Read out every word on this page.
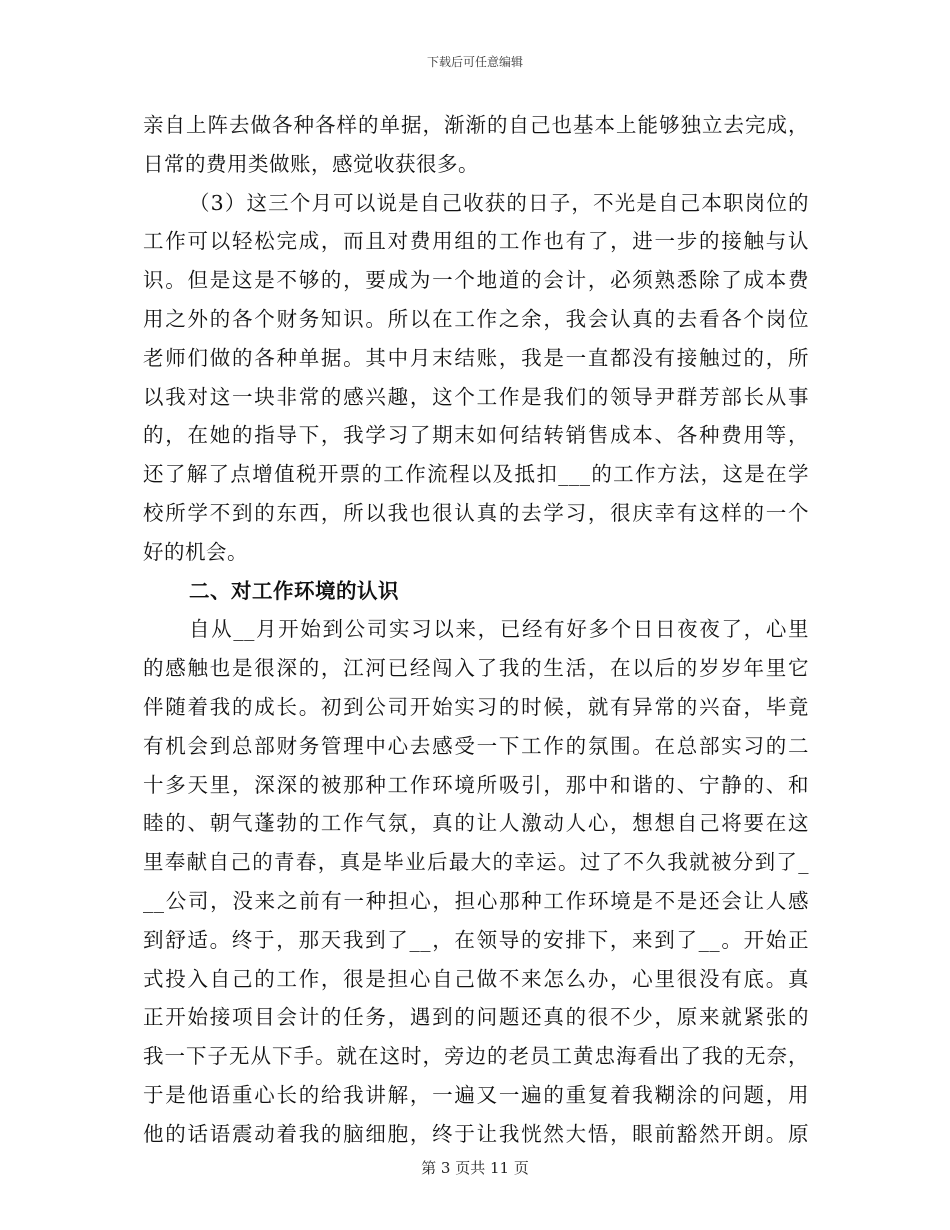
下载后可任意编辑
亲自上阵去做各种各样的单据，渐渐的自己也基本上能够独立去完成，
日常的费用类做账，感觉收获很多。
（3）这三个月可以说是自己收获的日子，不光是自己本职岗位的
工作可以轻松完成，而且对费用组的工作也有了，进一步的接触与认
识。但是这是不够的，要成为一个地道的会计，必须熟悉除了成本费
用之外的各个财务知识。所以在工作之余，我会认真的去看各个岗位
老师们做的各种单据。其中月末结账，我是一直都没有接触过的，所
以我对这一块非常的感兴趣，这个工作是我们的领导尹群芳部长从事
的，在她的指导下，我学习了期末如何结转销售成本、各种费用等，
还了解了点增值税开票的工作流程以及抵扣___的工作方法，这是在学
校所学不到的东西，所以我也很认真的去学习，很庆幸有这样的一个
好的机会。
二、对工作环境的认识
自从__月开始到公司实习以来，已经有好多个日日夜夜了，心里
的感触也是很深的，江河已经闯入了我的生活，在以后的岁岁年里它
伴随着我的成长。初到公司开始实习的时候，就有异常的兴奋，毕竟
有机会到总部财务管理中心去感受一下工作的氛围。在总部实习的二
十多天里，深深的被那种工作环境所吸引，那中和谐的、宁静的、和
睦的、朝气蓬勃的工作气氛，真的让人激动人心，想想自己将要在这
里奉献自己的青春，真是毕业后最大的幸运。过了不久我就被分到了_
__公司，没来之前有一种担心，担心那种工作环境是不是还会让人感
到舒适。终于，那天我到了__，在领导的安排下，来到了__。开始正
式投入自己的工作，很是担心自己做不来怎么办，心里很没有底。真
正开始接项目会计的任务，遇到的问题还真的很不少，原来就紧张的
我一下子无从下手。就在这时，旁边的老员工黄忠海看出了我的无奈，
于是他语重心长的给我讲解，一遍又一遍的重复着我糊涂的问题，用
他的话语震动着我的脑细胞，终于让我恍然大悟，眼前豁然开朗。原
第 3 页共 11 页
